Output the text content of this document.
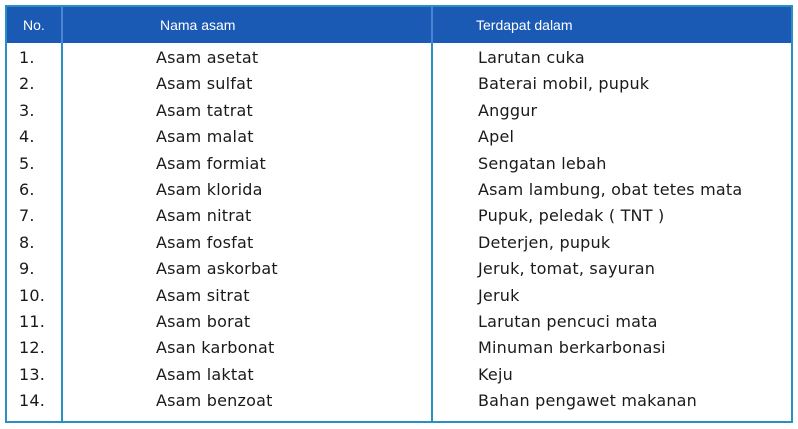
No.	Nama asam	Terdapat dalam
1.	Asam asetat	Larutan cuka
2.	Asam sulfat	Baterai mobil, pupuk
3.	Asam tatrat	Anggur
4.	Asam malat	Apel
5.	Asam formiat	Sengatan lebah
6.	Asam klorida	Asam lambung, obat tetes mata
7.	Asam nitrat	Pupuk, peledak ( TNT )
8.	Asam fosfat	Deterjen, pupuk
9.	Asam askorbat	Jeruk, tomat, sayuran
10.	Asam sitrat	Jeruk
11.	Asam borat	Larutan pencuci mata
12.	Asan karbonat	Minuman berkarbonasi
13.	Asam laktat	Keju
14.	Asam benzoat	Bahan pengawet makanan
